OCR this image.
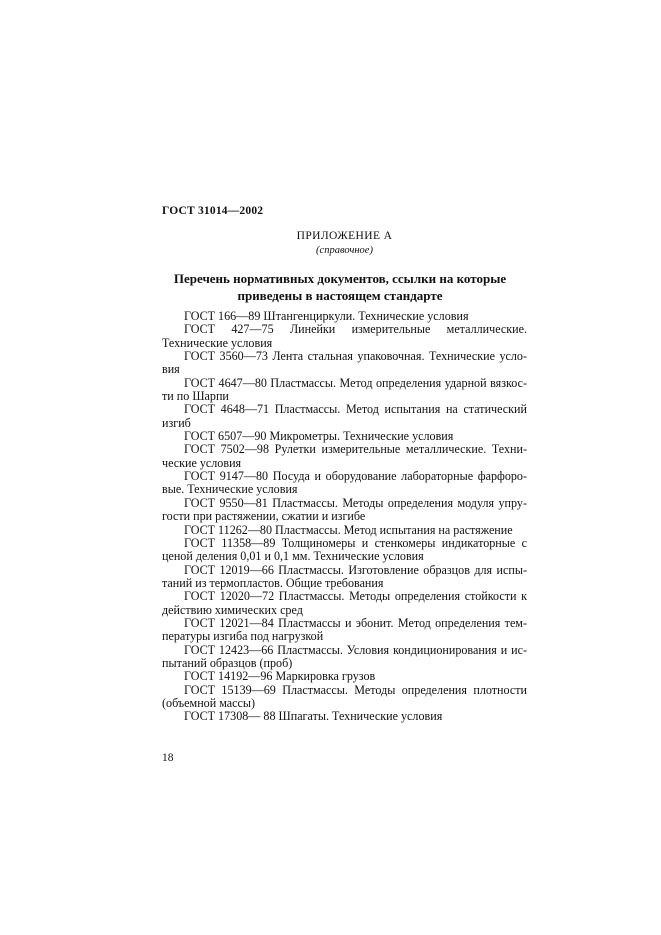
ГОСТ 31014—2002
ПРИЛОЖЕНИЕ А
(справочное)
Перечень нормативных документов, ссылки на которые
приведены в настоящем стандарте

ГОСТ 166—89 Штангенциркули. Технические условия

ГОСТ 427—75 Линейки измерительные металлические. Технические условия

ГОСТ 3560—73 Лента стальная упаковочная. Технические условия

ГОСТ 4647—80 Пластмассы. Метод определения ударной вязкости по Шарпи

ГОСТ 4648—71 Пластмассы. Метод испытания на статический изгиб

ГОСТ 6507—90 Микрометры. Технические условия

ГОСТ 7502—98 Рулетки измерительные металлические. Технические условия

ГОСТ 9147—80 Посуда и оборудование лабораторные фарфоровые. Технические условия

ГОСТ 9550—81 Пластмассы. Методы определения модуля упругости при растяжении, сжатии и изгибе

ГОСТ 11262—80 Пластмассы. Метод испытания на растяжение

ГОСТ 11358—89 Толщиномеры и стенкомеры индикаторные с ценой деления 0,01 и 0,1 мм. Технические условия

ГОСТ 12019—66 Пластмассы. Изготовление образцов для испытаний из термопластов. Общие требования

ГОСТ 12020—72 Пластмассы. Методы определения стойкости к действию химических сред

ГОСТ 12021—84 Пластмассы и эбонит. Метод определения температуры изгиба под нагрузкой

ГОСТ 12423—66 Пластмассы. Условия кондиционирования и испытаний образцов (проб)

ГОСТ 14192—96 Маркировка грузов

ГОСТ 15139—69 Пластмассы. Методы определения плотности (объемной массы)

ГОСТ 17308— 88 Шпагаты. Технические условия

18
